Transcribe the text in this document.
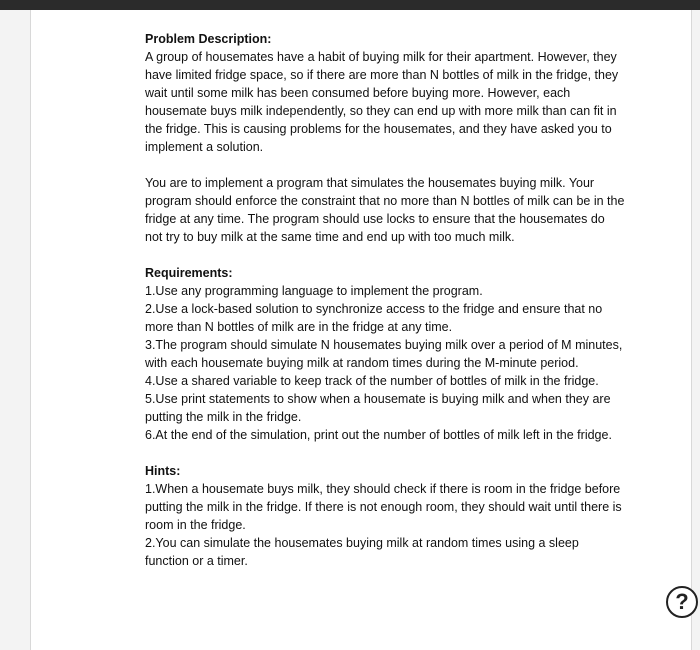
Problem Description:

A group of housemates have a habit of buying milk for their apartment. However, they have limited fridge space, so if there are more than N bottles of milk in the fridge, they wait until some milk has been consumed before buying more. However, each housemate buys milk independently, so they can end up with more milk than can fit in the fridge. This is causing problems for the housemates, and they have asked you to implement a solution.

You are to implement a program that simulates the housemates buying milk. Your program should enforce the constraint that no more than N bottles of milk can be in the fridge at any time. The program should use locks to ensure that the housemates do not try to buy milk at the same time and end up with too much milk.

Requirements:

1.Use any programming language to implement the program.

2.Use a lock-based solution to synchronize access to the fridge and ensure that no more than N bottles of milk are in the fridge at any time.

3.The program should simulate N housemates buying milk over a period of M minutes, with each housemate buying milk at random times during the M-minute period.

4.Use a shared variable to keep track of the number of bottles of milk in the fridge.

5.Use print statements to show when a housemate is buying milk and when they are putting the milk in the fridge.

6.At the end of the simulation, print out the number of bottles of milk left in the fridge.

Hints:

1.When a housemate buys milk, they should check if there is room in the fridge before putting the milk in the fridge. If there is not enough room, they should wait until there is room in the fridge.

2.You can simulate the housemates buying milk at random times using a sleep function or a timer.

?
